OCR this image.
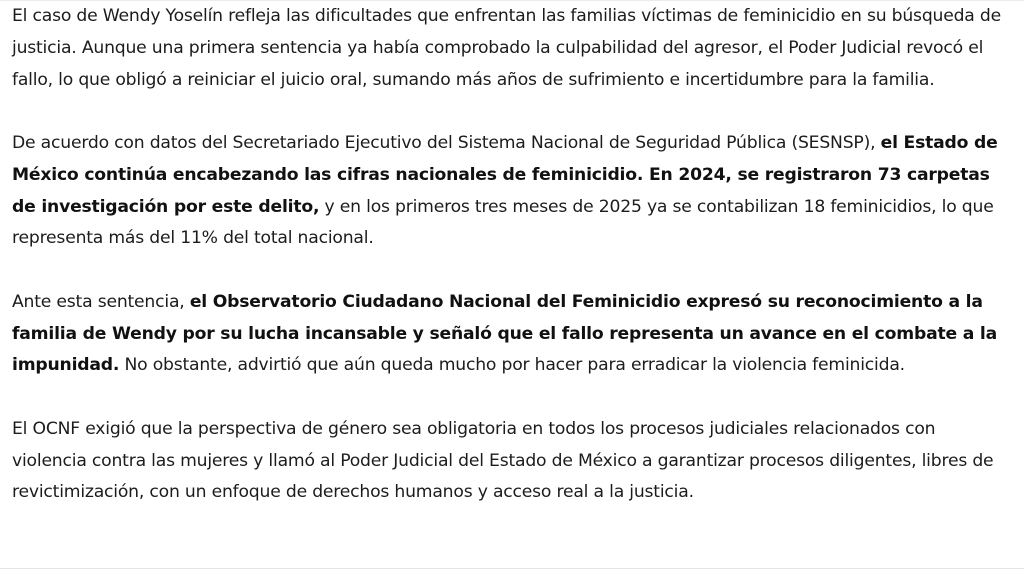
El caso de Wendy Yoselín refleja las dificultades que enfrentan las familias víctimas de feminicidio en su búsqueda de justicia. Aunque una primera sentencia ya había comprobado la culpabilidad del agresor, el Poder Judicial revocó el fallo, lo que obligó a reiniciar el juicio oral, sumando más años de sufrimiento e incertidumbre para la familia.

De acuerdo con datos del Secretariado Ejecutivo del Sistema Nacional de Seguridad Pública (SESNSP), el Estado de México continúa encabezando las cifras nacionales de feminicidio. En 2024, se registraron 73 carpetas de investigación por este delito, y en los primeros tres meses de 2025 ya se contabilizan 18 feminicidios, lo que representa más del 11% del total nacional.

Ante esta sentencia, el Observatorio Ciudadano Nacional del Feminicidio expresó su reconocimiento a la familia de Wendy por su lucha incansable y señaló que el fallo representa un avance en el combate a la impunidad. No obstante, advirtió que aún queda mucho por hacer para erradicar la violencia feminicida.

El OCNF exigió que la perspectiva de género sea obligatoria en todos los procesos judiciales relacionados con violencia contra las mujeres y llamó al Poder Judicial del Estado de México a garantizar procesos diligentes, libres de revictimización, con un enfoque de derechos humanos y acceso real a la justicia.
